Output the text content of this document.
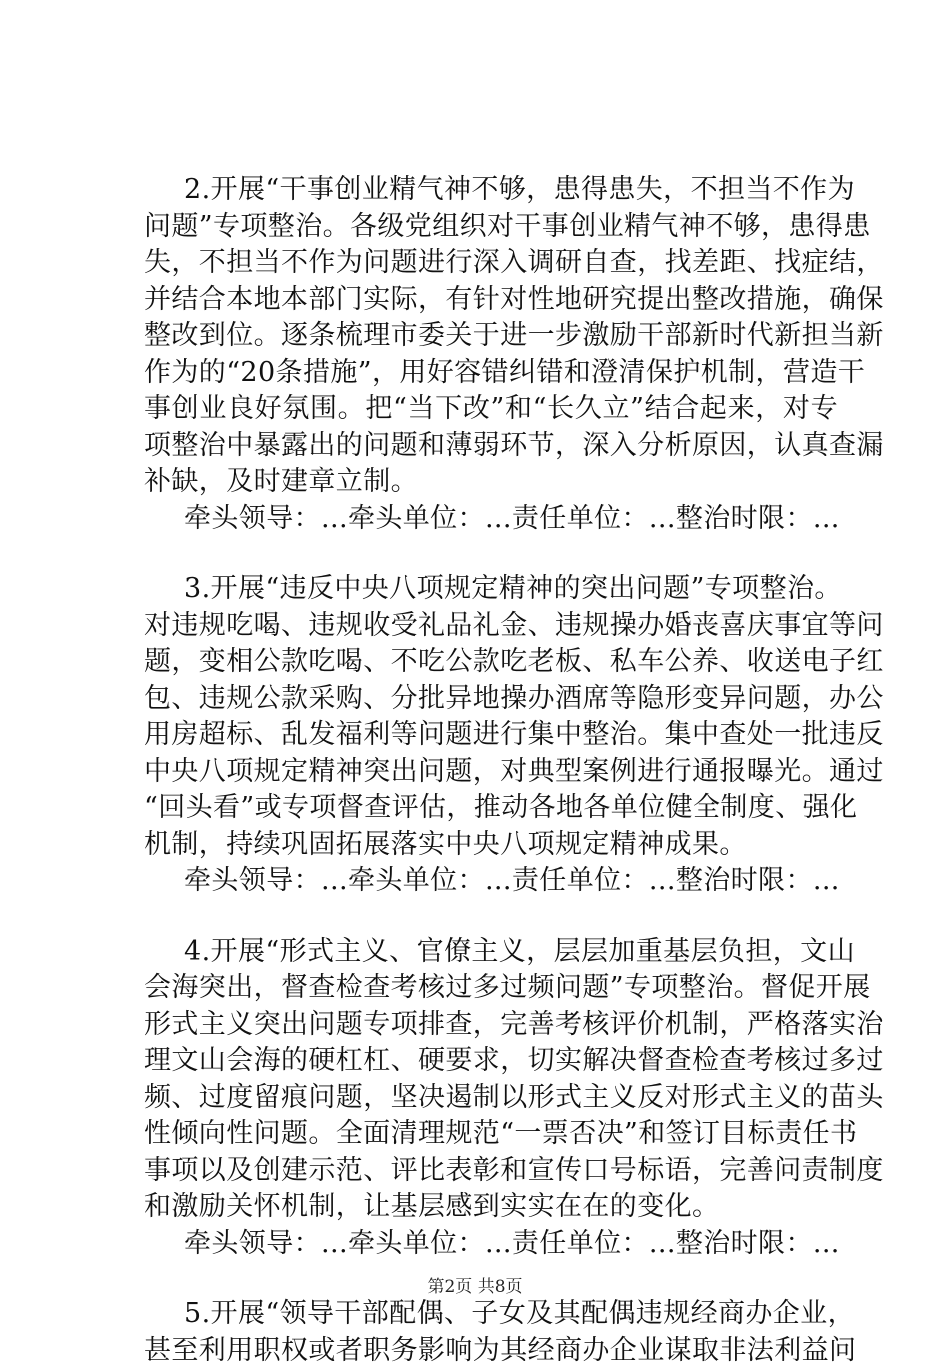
2.开展“干事创业精气神不够，患得患失，不担当不作为
问题”专项整治。各级党组织对干事创业精气神不够，患得患
失，不担当不作为问题进行深入调研自查，找差距、找症结，
并结合本地本部门实际，有针对性地研究提出整改措施，确保
整改到位。逐条梳理市委关于进一步激励干部新时代新担当新
作为的“20条措施”，用好容错纠错和澄清保护机制，营造干
事创业良好氛围。把“当下改”和“长久立”结合起来，对专
项整治中暴露出的问题和薄弱环节，深入分析原因，认真查漏
补缺，及时建章立制。
牵头领导：...牵头单位：...责任单位：...整治时限：...
3.开展“违反中央八项规定精神的突出问题”专项整治。
对违规吃喝、违规收受礼品礼金、违规操办婚丧喜庆事宜等问
题，变相公款吃喝、不吃公款吃老板、私车公养、收送电子红
包、违规公款采购、分批异地操办酒席等隐形变异问题，办公
用房超标、乱发福利等问题进行集中整治。集中查处一批违反
中央八项规定精神突出问题，对典型案例进行通报曝光。通过
“回头看”或专项督查评估，推动各地各单位健全制度、强化
机制，持续巩固拓展落实中央八项规定精神成果。
牵头领导：...牵头单位：...责任单位：...整治时限：...
4.开展“形式主义、官僚主义，层层加重基层负担，文山
会海突出，督查检查考核过多过频问题”专项整治。督促开展
形式主义突出问题专项排查，完善考核评价机制，严格落实治
理文山会海的硬杠杠、硬要求，切实解决督查检查考核过多过
频、过度留痕问题，坚决遏制以形式主义反对形式主义的苗头
性倾向性问题。全面清理规范“一票否决”和签订目标责任书
事项以及创建示范、评比表彰和宣传口号标语，完善问责制度
和激励关怀机制，让基层感到实实在在的变化。
牵头领导：...牵头单位：...责任单位：...整治时限：...
5.开展“领导干部配偶、子女及其配偶违规经商办企业，
甚至利用职权或者职务影响为其经商办企业谋取非法利益问
第2页 共8页
